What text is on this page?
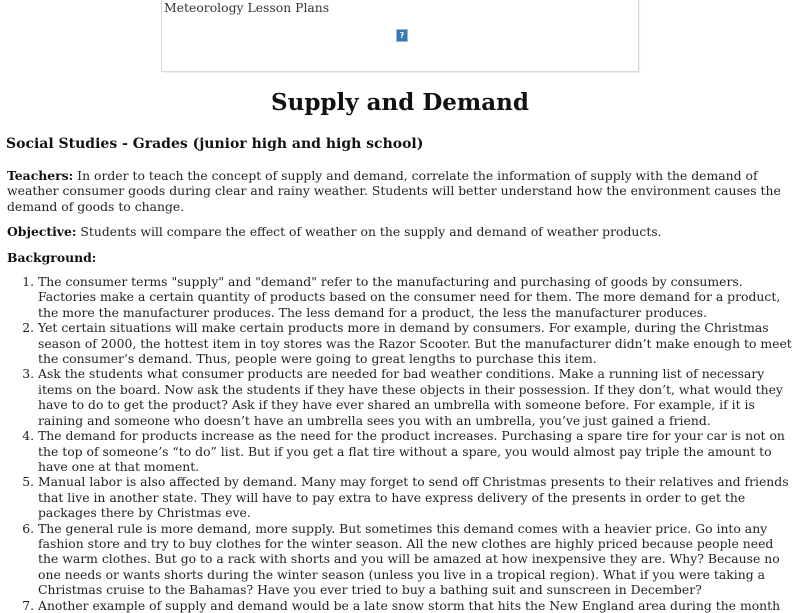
Meteorology Lesson Plans
?
Supply and Demand
Social Studies - Grades (junior high and high school)

Teachers: In order to teach the concept of supply and demand, correlate the information of supply with the demand of weather consumer goods during clear and rainy weather. Students will better understand how the environment causes the demand of goods to change.

Objective: Students will compare the effect of weather on the supply and demand of weather products.

Background:
1. The consumer terms "supply" and "demand" refer to the manufacturing and purchasing of goods by consumers. Factories make a certain quantity of products based on the consumer need for them. The more demand for a product, the more the manufacturer produces. The less demand for a product, the less the manufacturer produces.
2. Yet certain situations will make certain products more in demand by consumers. For example, during the Christmas season of 2000, the hottest item in toy stores was the Razor Scooter. But the manufacturer didn’t make enough to meet the consumer’s demand. Thus, people were going to great lengths to purchase this item.
3. Ask the students what consumer products are needed for bad weather conditions. Make a running list of necessary items on the board. Now ask the students if they have these objects in their possession. If they don’t, what would they have to do to get the product? Ask if they have ever shared an umbrella with someone before. For example, if it is raining and someone who doesn’t have an umbrella sees you with an umbrella, you’ve just gained a friend.
4. The demand for products increase as the need for the product increases. Purchasing a spare tire for your car is not on the top of someone’s “to do” list. But if you get a flat tire without a spare, you would almost pay triple the amount to have one at that moment.
5. Manual labor is also affected by demand. Many may forget to send off Christmas presents to their relatives and friends that live in another state. They will have to pay extra to have express delivery of the presents in order to get the packages there by Christmas eve.
6. The general rule is more demand, more supply. But sometimes this demand comes with a heavier price. Go into any fashion store and try to buy clothes for the winter season. All the new clothes are highly priced because people need the warm clothes. But go to a rack with shorts and you will be amazed at how inexpensive they are. Why? Because no one needs or wants shorts during the winter season (unless you live in a tropical region). What if you were taking a Christmas cruise to the Bahamas? Have you ever tried to buy a bathing suit and sunscreen in December?
7. Another example of supply and demand would be a late snow storm that hits the New England area during the month
